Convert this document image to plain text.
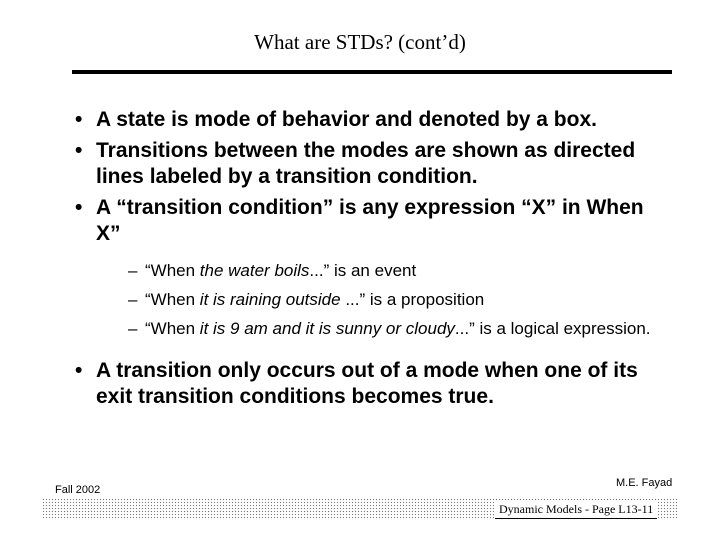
What are STDs? (cont’d)
• A state is mode of behavior and denoted by a box.
• Transitions between the modes are shown as directed lines labeled by a transition condition.
• A “transition condition” is any expression “X” in When X”
– “When the water boils...” is an event
– “When it is raining outside ...” is a proposition
– “When it is 9 am and it is sunny or cloudy...” is a logical expression.
• A transition only occurs out of a mode when one of its exit transition conditions becomes true.
Fall 2002
M.E. Fayad
Dynamic Models - Page L13-11
